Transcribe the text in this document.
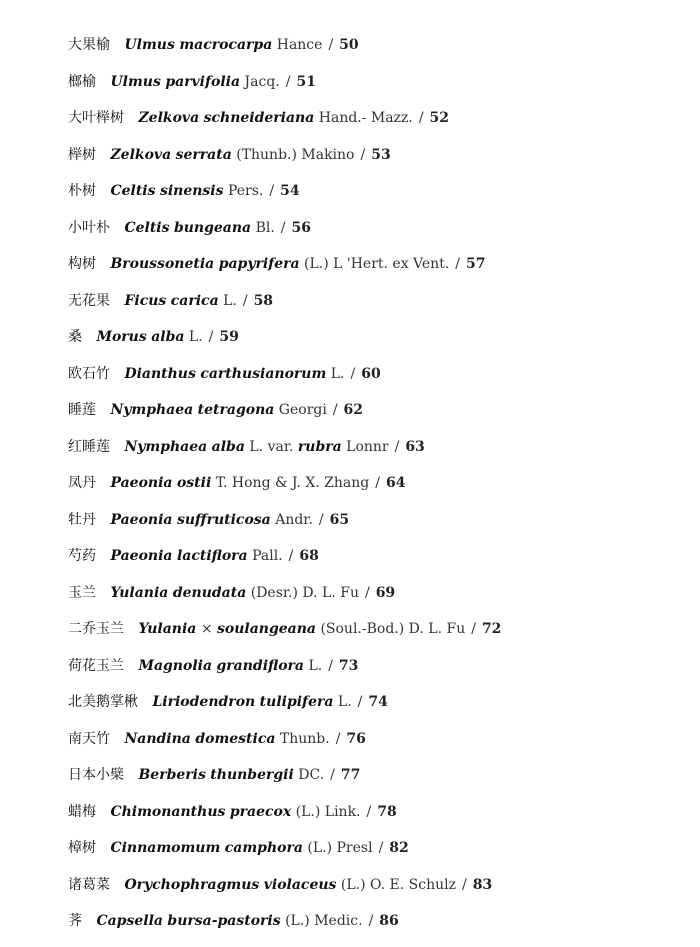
大果榆 Ulmus macrocarpa Hance / 50
榔榆 Ulmus parvifolia Jacq. / 51
大叶榉树 Zelkova schneideriana Hand.- Mazz. / 52
榉树 Zelkova serrata (Thunb.) Makino / 53
朴树 Celtis sinensis Pers. / 54
小叶朴 Celtis bungeana Bl. / 56
构树 Broussonetia papyrifera (L.) L 'Hert. ex Vent. / 57
无花果 Ficus carica L. / 58
桑 Morus alba L. / 59
欧石竹 Dianthus carthusianorum L. / 60
睡莲 Nymphaea tetragona Georgi / 62
红睡莲 Nymphaea alba L. var. rubra Lonnr / 63
凤丹 Paeonia ostii T. Hong & J. X. Zhang / 64
牡丹 Paeonia suffruticosa Andr. / 65
芍药 Paeonia lactiflora Pall. / 68
玉兰 Yulania denudata (Desr.) D. L. Fu / 69
二乔玉兰 Yulania × soulangeana (Soul.-Bod.) D. L. Fu / 72
荷花玉兰 Magnolia grandiflora L. / 73
北美鹅掌楸 Liriodendron tulipifera L. / 74
南天竹 Nandina domestica Thunb. / 76
日本小檗 Berberis thunbergii DC. / 77
蜡梅 Chimonanthus praecox (L.) Link. / 78
樟树 Cinnamomum camphora (L.) Presl / 82
诸葛菜 Orychophragmus violaceus (L.) O. E. Schulz / 83
荠 Capsella bursa-pastoris (L.) Medic. / 86
